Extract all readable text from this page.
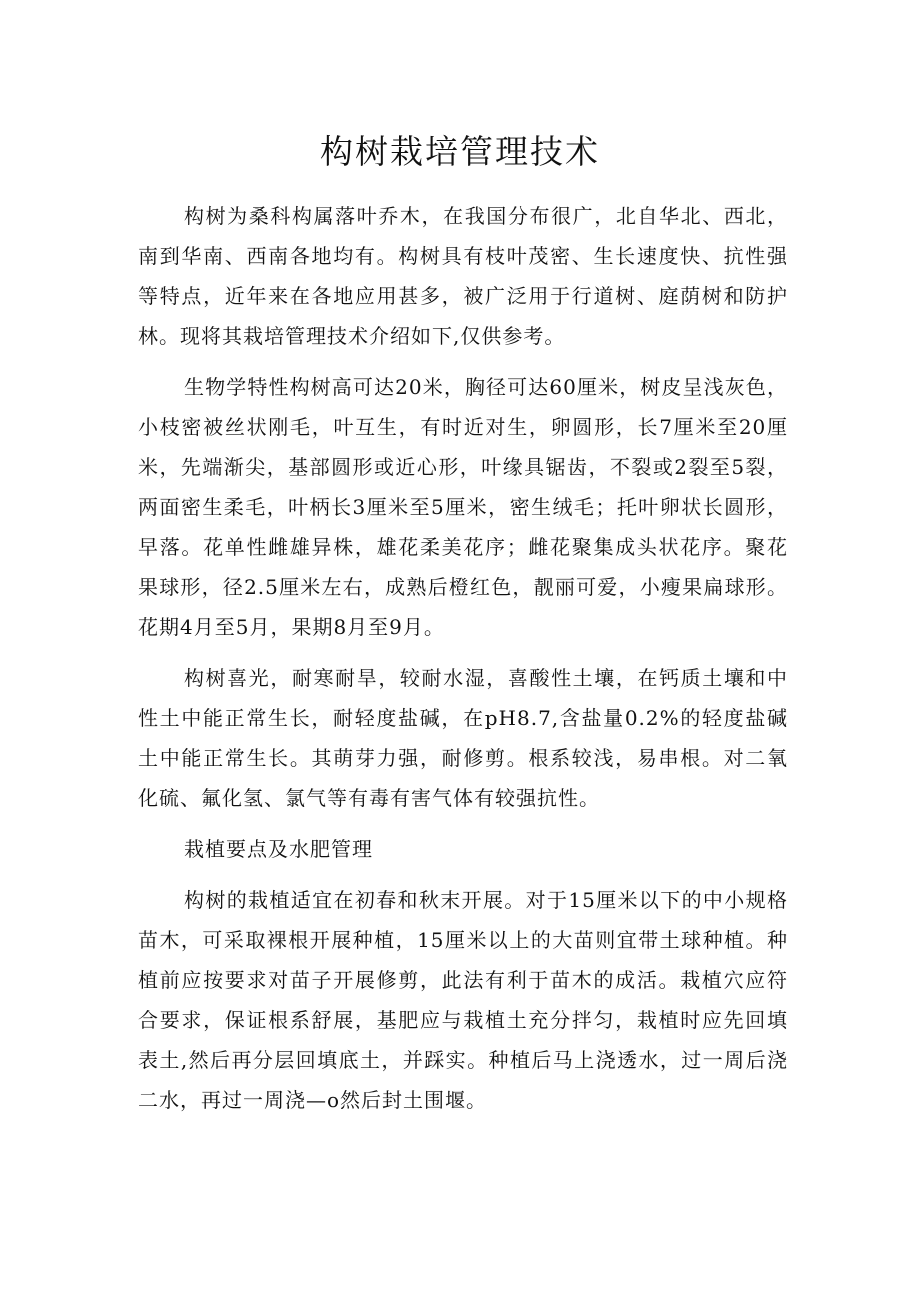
构树栽培管理技术

构树为桑科构属落叶乔木，在我国分布很广，北自华北、西北，南到华南、西南各地均有。构树具有枝叶茂密、生长速度快、抗性强等特点，近年来在各地应用甚多，被广泛用于行道树、庭荫树和防护林。现将其栽培管理技术介绍如下,仅供参考。

生物学特性构树高可达20米，胸径可达60厘米，树皮呈浅灰色，小枝密被丝状刚毛，叶互生，有时近对生，卵圆形，长7厘米至20厘米，先端渐尖，基部圆形或近心形，叶缘具锯齿，不裂或2裂至5裂，两面密生柔毛，叶柄长3厘米至5厘米，密生绒毛；托叶卵状长圆形，早落。花单性雌雄异株，雄花柔美花序；雌花聚集成头状花序。聚花果球形，径2.5厘米左右，成熟后橙红色，靓丽可爱，小瘦果扁球形。花期4月至5月，果期8月至9月。

构树喜光，耐寒耐旱，较耐水湿，喜酸性土壤，在钙质土壤和中性土中能正常生长，耐轻度盐碱，在pH8.7,含盐量0.2%的轻度盐碱土中能正常生长。其萌芽力强，耐修剪。根系较浅，易串根。对二氧化硫、氟化氢、氯气等有毒有害气体有较强抗性。

栽植要点及水肥管理

构树的栽植适宜在初春和秋末开展。对于15厘米以下的中小规格苗木，可采取裸根开展种植，15厘米以上的大苗则宜带土球种植。种植前应按要求对苗子开展修剪，此法有利于苗木的成活。栽植穴应符合要求，保证根系舒展，基肥应与栽植土充分拌匀，栽植时应先回填表土,然后再分层回填底土，并踩实。种植后马上浇透水，过一周后浇二水，再过一周浇—o然后封土围堰。
